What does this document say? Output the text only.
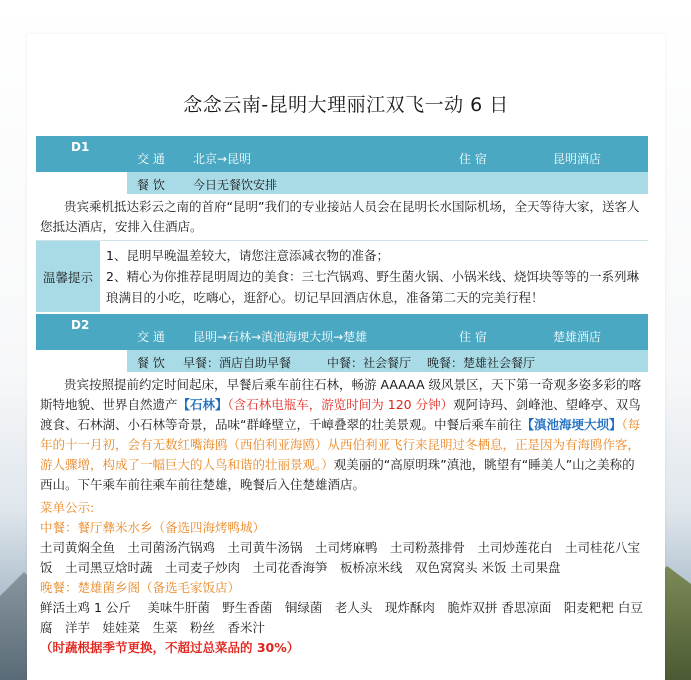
念念云南-昆明大理丽江双飞一动 6 日
D1
交 通 北京→昆明	住 宿	昆明酒店
餐 饮 今日无餐饮安排
贵宾乘机抵达彩云之南的首府“昆明”我们的专业接站人员会在昆明长水国际机场，全天等待大家，送客人您抵达酒店，安排入住酒店。
温馨提示
1、昆明早晚温差较大，请您注意添减衣物的准备；
2、精心为你推荐昆明周边的美食：三七汽锅鸡、野生菌火锅、小锅米线、烧饵块等等的一系列琳琅满目的小吃，吃嗨心，逛舒心。切记早回酒店休息，准备第二天的完美行程！
D2
交 通 昆明→石林→滇池海埂大坝→楚雄	住 宿	楚雄酒店
餐 饮 早餐：酒店自助早餐	中餐：社会餐厅 晚餐：楚雄社会餐厅
贵宾按照提前约定时间起床，早餐后乘车前往石林，畅游 AAAAA 级风景区，天下第一奇观多姿多彩的喀斯特地貌、世界自然遗产【石林】（含石林电瓶车，游览时间为 120 分钟）观阿诗玛、剑峰池、望峰亭、双鸟渡食、石林湖、小石林等奇景，品味“群峰壁立，千嶂叠翠的壮美景观。中餐后乘车前往【滇池海埂大坝】（每年的十一月初，会有无数红嘴海鸥（西伯利亚海鸥）从西伯利亚飞行来昆明过冬栖息，正是因为有海鸥作客，游人骤增，构成了一幅巨大的人鸟和谐的壮丽景观。）观美丽的“高原明珠”滇池，眺望有“睡美人”山之美称的西山。下午乘车前往乘车前往楚雄，晚餐后入住楚雄酒店。
菜单公示:
中餐：餐厅彝米水乡（备选四海烤鸭城）
土司黄焖全鱼　土司菌汤汽锅鸡　土司黄牛汤锅　土司烤麻鸭　土司粉蒸排骨　土司炒莲花白　土司桂花八宝饭　土司黑豆焓时蔬　土司麦子炒肉　土司花香海笋　板桥凉米线　双色窝窝头 米饭 土司果盘
晚餐：楚雄菌乡阁（备选毛家饭店）
鲜活土鸡 1 公斤　 美味牛肝菌　野生香菌　铜绿菌　老人头　现炸酥肉　脆炸双拼 香思凉面　阳麦粑粑 白豆腐　洋芋　娃娃菜　生菜　粉丝　香米汁
（时蔬根据季节更换，不超过总菜品的 30%）
